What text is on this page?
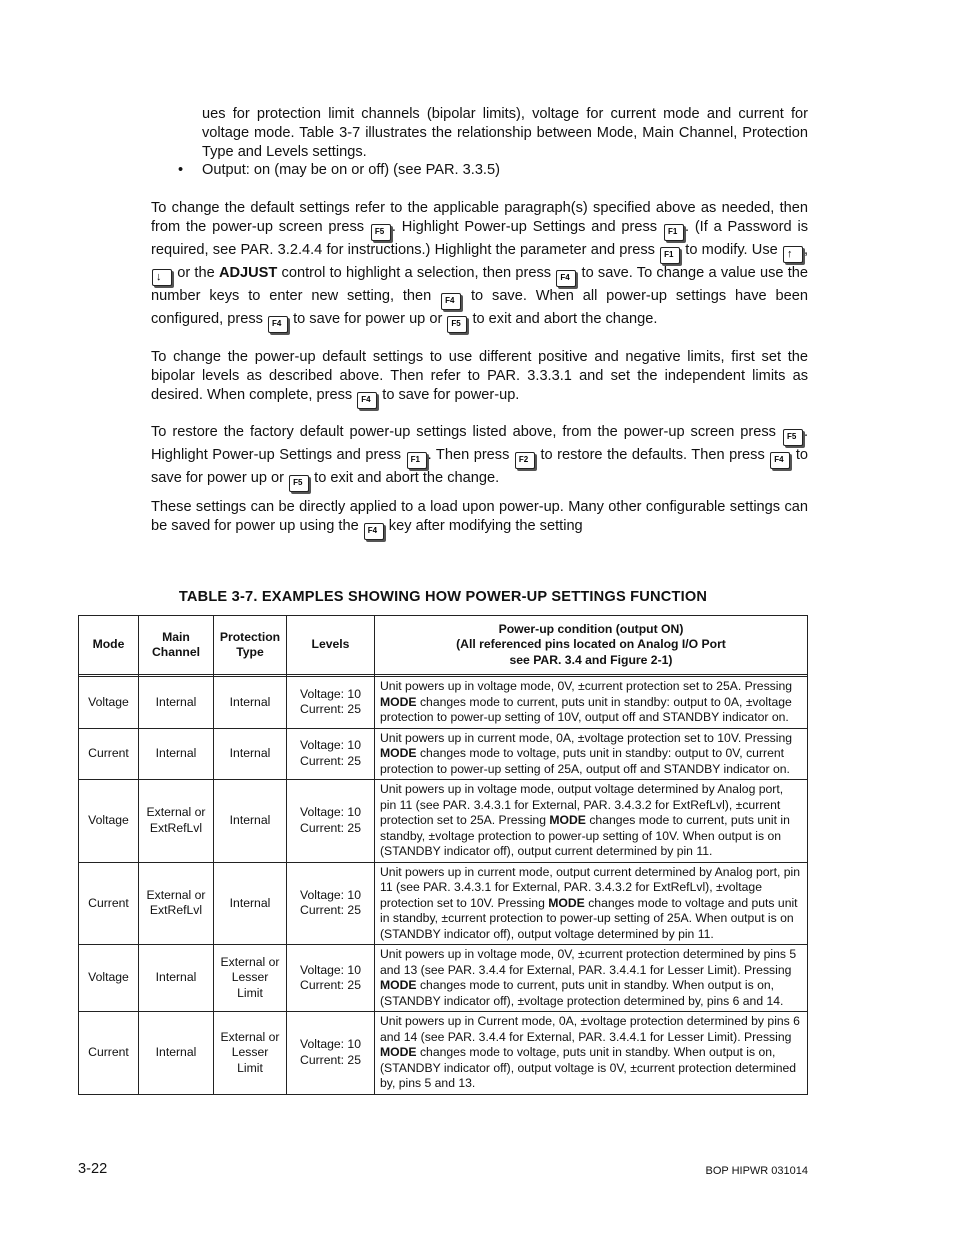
ues for protection limit channels (bipolar limits), voltage for current mode and current for voltage mode. Table 3-7 illustrates the relationship between Mode, Main Channel, Protection Type and Levels settings.

• Output: on (may be on or off) (see PAR. 3.3.5)

To change the default settings refer to the applicable paragraph(s) specified above as needed, then from the power-up screen press F5 . Highlight Power-up Settings and press F1 . (If a Password is required, see PAR. 3.2.4.4 for instructions.) Highlight the parameter and press F1 to modify. Use ↑ , ↓ or the ADJUST control to highlight a selection, then press F4 to save. To change a value use the number keys to enter new setting, then F4 to save. When all power-up settings have been configured, press F4 to save for power up or F5 to exit and abort the change.

To change the power-up default settings to use different positive and negative limits, first set the bipolar levels as described above. Then refer to PAR. 3.3.3.1 and set the independent limits as desired. When complete, press F4 to save for power-up.

To restore the factory default power-up settings listed above, from the power-up screen press F5 . Highlight Power-up Settings and press F1 . Then press F2 to restore the defaults. Then press F4 to save for power up or F5 to exit and abort the change.

These settings can be directly applied to a load upon power-up. Many other configurable settings can be saved for power up using the F4 key after modifying the setting

TABLE 3-7. EXAMPLES SHOWING HOW POWER-UP SETTINGS FUNCTION
Mode	Main Channel	Protection Type	Levels	Power-up condition (output ON)
(All referenced pins located on Analog I/O Port
see PAR. 3.4 and Figure 2-1)

Voltage	Internal	Internal	Voltage: 10
Current: 25	Unit powers up in voltage mode, 0V, ±current protection set to 25A. Pressing MODE changes mode to current, puts unit in standby: output to 0A, ±voltage protection to power-up setting of 10V, output off and STANDBY indicator on.
Current	Internal	Internal	Voltage: 10
Current: 25	Unit powers up in current mode, 0A, ±voltage protection set to 10V. Pressing MODE changes mode to voltage, puts unit in standby: output to 0V, current protection to power-up setting of 25A, output off and STANDBY indicator on.
Voltage	External or ExtRefLvl	Internal	Voltage: 10
Current: 25	Unit powers up in voltage mode, output voltage determined by Analog port, pin 11 (see PAR. 3.4.3.1 for External, PAR. 3.4.3.2 for ExtRefLvl), ±current protection set to 25A. Pressing MODE changes mode to current, puts unit in standby, ±voltage protection to power-up setting of 10V. When output is on (STANDBY indicator off), output current determined by pin 11.
Current	External or ExtRefLvl	Internal	Voltage: 10
Current: 25	Unit powers up in current mode, output current determined by Analog port, pin 11 (see PAR. 3.4.3.1 for External, PAR. 3.4.3.2 for ExtRefLvl), ±voltage protection set to 10V. Pressing MODE changes mode to voltage and puts unit in standby, ±current protection to power-up setting of 25A. When output is on (STANDBY indicator off), output voltage determined by pin 11.
Voltage	Internal	External or Lesser Limit	Voltage: 10
Current: 25	Unit powers up in voltage mode, 0V, ±current protection determined by pins 5 and 13 (see PAR. 3.4.4 for External, PAR. 3.4.4.1 for Lesser Limit). Pressing MODE changes mode to current, puts unit in standby. When output is on, (STANDBY indicator off), ±voltage protection determined by, pins 6 and 14.
Current	Internal	External or Lesser Limit	Voltage: 10
Current: 25	Unit powers up in Current mode, 0A, ±voltage protection determined by pins 6 and 14 (see PAR. 3.4.4 for External, PAR. 3.4.4.1 for Lesser Limit). Pressing MODE changes mode to voltage, puts unit in standby. When output is on, (STANDBY indicator off), output voltage is 0V, ±current protection determined by, pins 5 and 13.
3-22	BOP HIPWR 031014
